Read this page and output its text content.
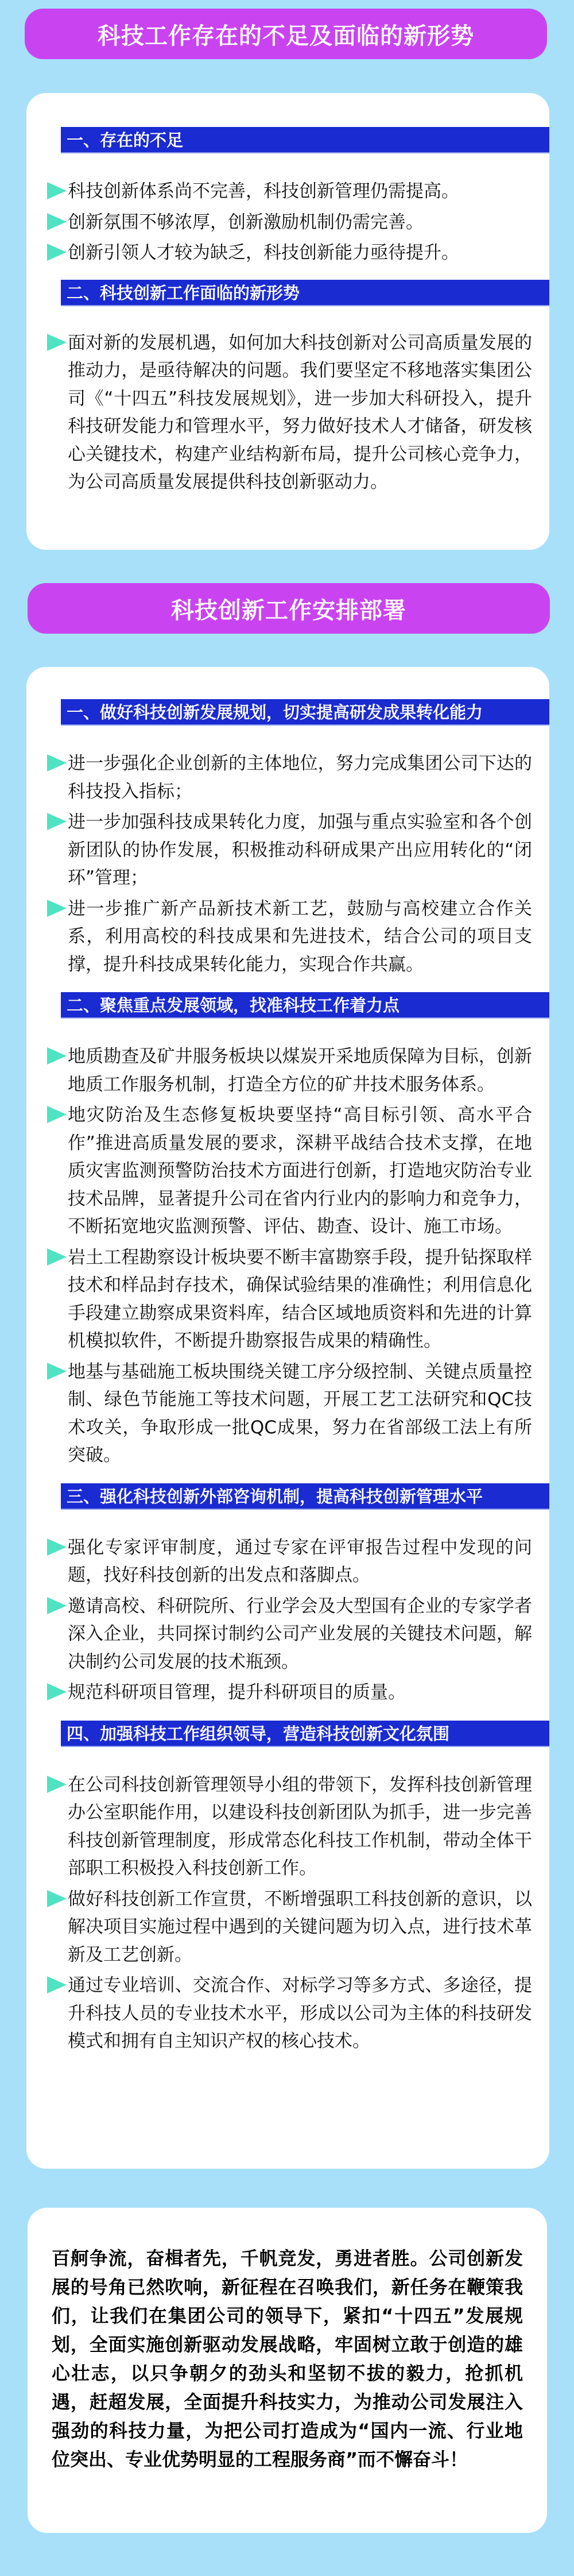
科技工作存在的不足及面临的新形势
一、存在的不足
科技创新体系尚不完善，科技创新管理仍需提高。
创新氛围不够浓厚，创新激励机制仍需完善。
创新引领人才较为缺乏，科技创新能力亟待提升。
二、科技创新工作面临的新形势
面对新的发展机遇，如何加大科技创新对公司高质量发展的推动力，是亟待解决的问题。我们要坚定不移地落实集团公司《“十四五”科技发展规划》，进一步加大科研投入，提升科技研发能力和管理水平，努力做好技术人才储备，研发核心关键技术，构建产业结构新布局，提升公司核心竞争力，为公司高质量发展提供科技创新驱动力。
科技创新工作安排部署
一、做好科技创新发展规划，切实提高研发成果转化能力
进一步强化企业创新的主体地位，努力完成集团公司下达的科技投入指标；
进一步加强科技成果转化力度，加强与重点实验室和各个创新团队的协作发展，积极推动科研成果产出应用转化的“闭环”管理；
进一步推广新产品新技术新工艺，鼓励与高校建立合作关系，利用高校的科技成果和先进技术，结合公司的项目支撑，提升科技成果转化能力，实现合作共赢。
二、聚焦重点发展领域，找准科技工作着力点
地质勘查及矿井服务板块以煤炭开采地质保障为目标，创新地质工作服务机制，打造全方位的矿井技术服务体系。
地灾防治及生态修复板块要坚持“高目标引领、高水平合作”推进高质量发展的要求，深耕平战结合技术支撑，在地质灾害监测预警防治技术方面进行创新，打造地灾防治专业技术品牌，显著提升公司在省内行业内的影响力和竞争力，不断拓宽地灾监测预警、评估、勘查、设计、施工市场。
岩土工程勘察设计板块要不断丰富勘察手段，提升钻探取样技术和样品封存技术，确保试验结果的准确性；利用信息化手段建立勘察成果资料库，结合区域地质资料和先进的计算机模拟软件，不断提升勘察报告成果的精确性。
地基与基础施工板块围绕关键工序分级控制、关键点质量控制、绿色节能施工等技术问题，开展工艺工法研究和QC技术攻关，争取形成一批QC成果，努力在省部级工法上有所突破。
三、强化科技创新外部咨询机制，提高科技创新管理水平
强化专家评审制度，通过专家在评审报告过程中发现的问题，找好科技创新的出发点和落脚点。
邀请高校、科研院所、行业学会及大型国有企业的专家学者深入企业，共同探讨制约公司产业发展的关键技术问题，解决制约公司发展的技术瓶颈。
规范科研项目管理，提升科研项目的质量。
四、加强科技工作组织领导，营造科技创新文化氛围
在公司科技创新管理领导小组的带领下，发挥科技创新管理办公室职能作用，以建设科技创新团队为抓手，进一步完善科技创新管理制度，形成常态化科技工作机制，带动全体干部职工积极投入科技创新工作。
做好科技创新工作宣贯，不断增强职工科技创新的意识，以解决项目实施过程中遇到的关键问题为切入点，进行技术革新及工艺创新。
通过专业培训、交流合作、对标学习等多方式、多途径，提升科技人员的专业技术水平，形成以公司为主体的科技研发模式和拥有自主知识产权的核心技术。
百舸争流，奋楫者先，千帆竞发，勇进者胜。公司创新发展的号角已然吹响，新征程在召唤我们，新任务在鞭策我们，让我们在集团公司的领导下，紧扣“十四五”发展规划，全面实施创新驱动发展战略，牢固树立敢于创造的雄心壮志，以只争朝夕的劲头和坚韧不拔的毅力，抢抓机遇，赶超发展，全面提升科技实力，为推动公司发展注入强劲的科技力量，为把公司打造成为“国内一流、行业地位突出、专业优势明显的工程服务商”而不懈奋斗！
